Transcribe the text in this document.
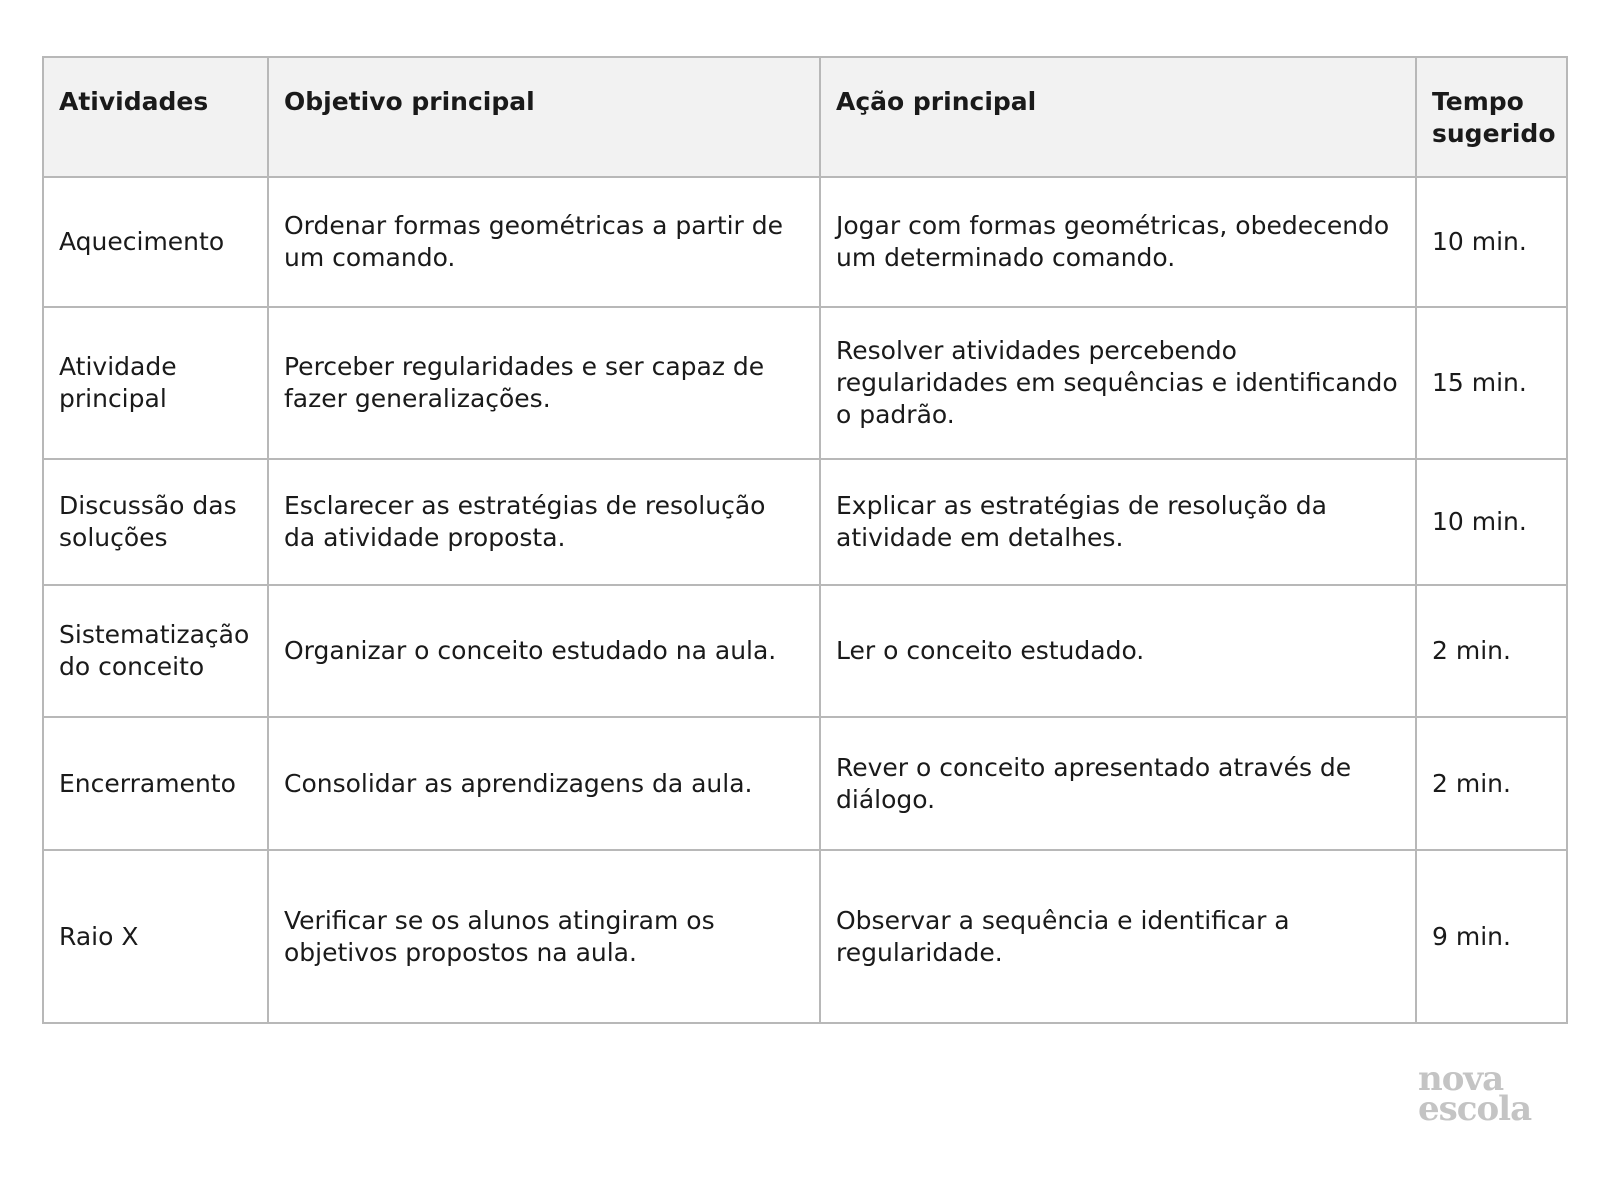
Atividades	Objetivo principal	Ação principal	Tempo sugerido
Aquecimento	Ordenar formas geométricas a partir de um comando.	Jogar com formas geométricas, obedecendo um determinado comando.	10 min.
Atividade principal	Perceber regularidades e ser capaz de fazer generalizações.	Resolver atividades percebendo regularidades em sequências e identificando o padrão.	15 min.
Discussão das soluções	Esclarecer as estratégias de resolução da atividade proposta.	Explicar as estratégias de resolução da atividade em detalhes.	10 min.
Sistematização do conceito	Organizar o conceito estudado na aula.	Ler o conceito estudado.	2 min.
Encerramento	Consolidar as aprendizagens da aula.	Rever o conceito apresentado através de diálogo.	2 min.
Raio X	Verificar se os alunos atingiram os objetivos propostos na aula.	Observar a sequência e identificar a regularidade.	9 min.
nova
escola
